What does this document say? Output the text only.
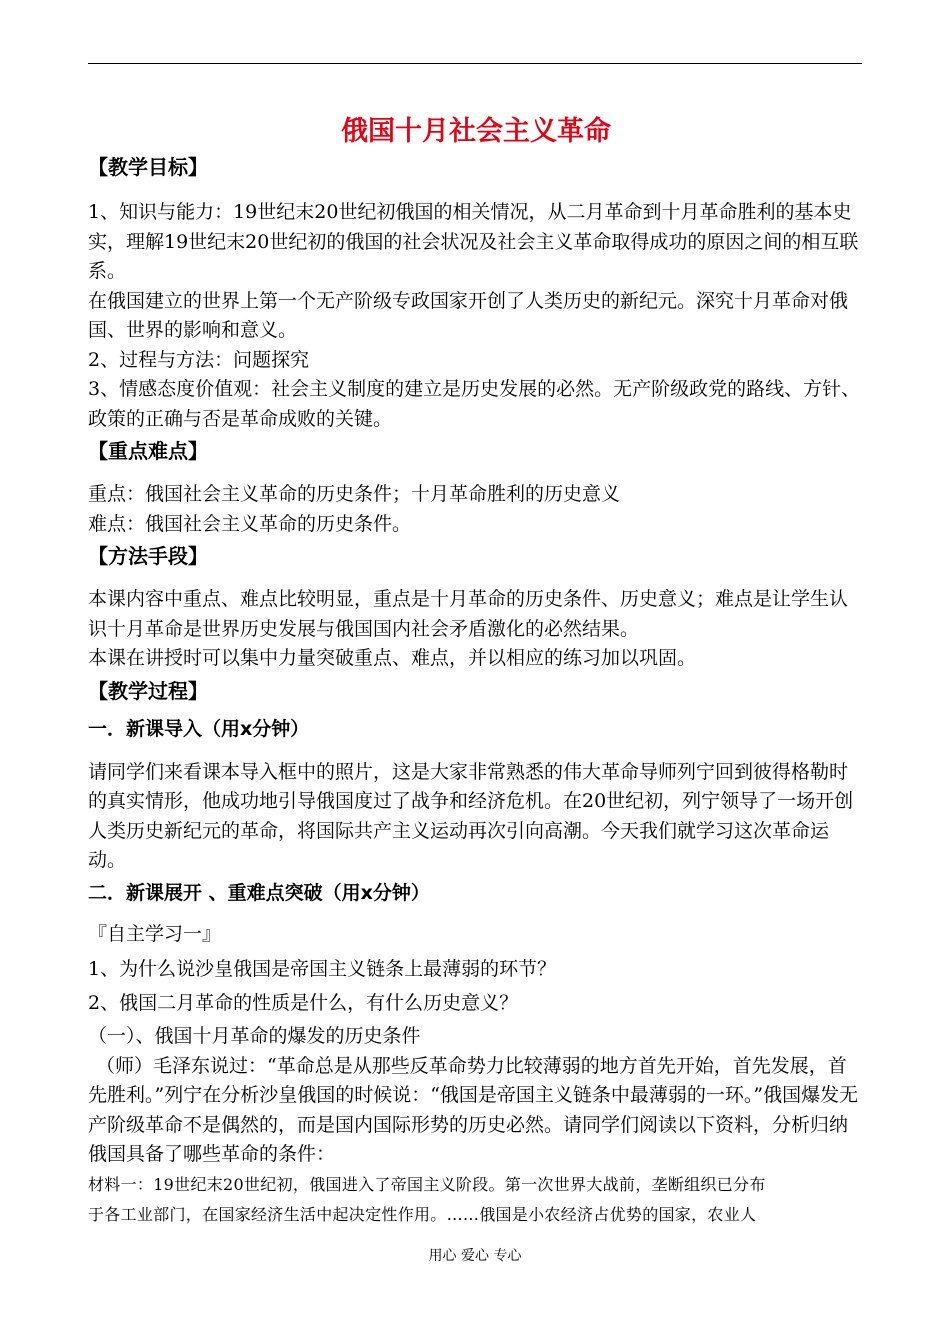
俄国十月社会主义革命
【教学目标】

1、知识与能力：19世纪末20世纪初俄国的相关情况，从二月革命到十月革命胜利的基本史实，理解19世纪末20世纪初的俄国的社会状况及社会主义革命取得成功的原因之间的相互联系。

在俄国建立的世界上第一个无产阶级专政国家开创了人类历史的新纪元。深究十月革命对俄国、世界的影响和意义。

2、过程与方法：问题探究

3、情感态度价值观：社会主义制度的建立是历史发展的必然。无产阶级政党的路线、方针、政策的正确与否是革命成败的关键。

【重点难点】

重点：俄国社会主义革命的历史条件；十月革命胜利的历史意义

难点：俄国社会主义革命的历史条件。

【方法手段】

本课内容中重点、难点比较明显，重点是十月革命的历史条件、历史意义；难点是让学生认识十月革命是世界历史发展与俄国国内社会矛盾激化的必然结果。

本课在讲授时可以集中力量突破重点、难点，并以相应的练习加以巩固。

【教学过程】
一．新课导入（用x分钟）

请同学们来看课本导入框中的照片，这是大家非常熟悉的伟大革命导师列宁回到彼得格勒时的真实情形，他成功地引导俄国度过了战争和经济危机。在20世纪初，列宁领导了一场开创人类历史新纪元的革命，将国际共产主义运动再次引向高潮。今天我们就学习这次革命运动。

二．新课展开 、重难点突破（用x分钟）

『自主学习一』

1、为什么说沙皇俄国是帝国主义链条上最薄弱的环节？

2、俄国二月革命的性质是什么，有什么历史意义？

（一）、俄国十月革命的爆发的历史条件

（师）毛泽东说过：“革命总是从那些反革命势力比较薄弱的地方首先开始，首先发展，首先胜利。”列宁在分析沙皇俄国的时候说：“俄国是帝国主义链条中最薄弱的一环。”俄国爆发无产阶级革命不是偶然的，而是国内国际形势的历史必然。请同学们阅读以下资料，分析归纳俄国具备了哪些革命的条件：

材料一：19世纪末20世纪初，俄国进入了帝国主义阶段。第一次世界大战前，垄断组织已分布

于各工业部门，在国家经济生活中起决定性作用。……俄国是小农经济占优势的国家，农业人

用心 爱心 专心
